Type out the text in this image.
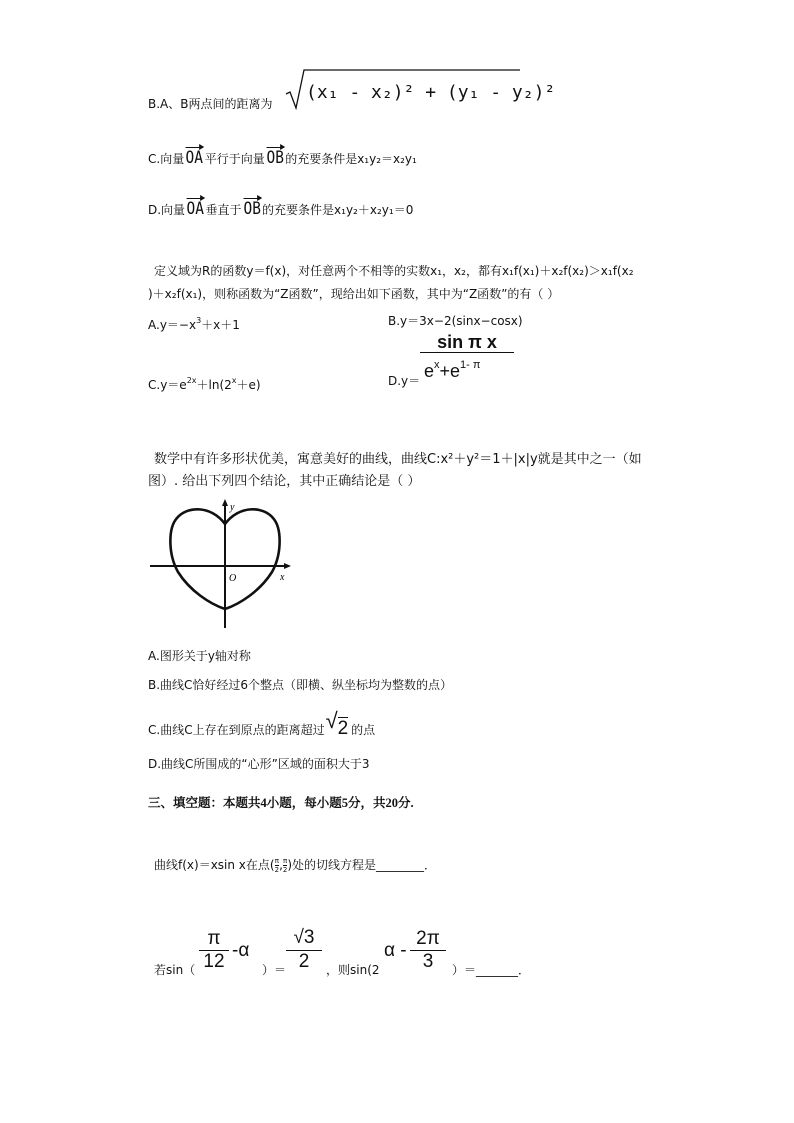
B.A、B两点间的距离为
(x₁ - x₂)² + (y₁ - y₂)²
C.向量OA 平行于向量OB 的充要条件是x₁y₂＝x₂y₁
D.向量OA 垂直于OB 的充要条件是x₁y₂＋x₂y₁＝0
定义域为R的函数y＝f(x)，对任意两个不相等的实数x₁，x₂，都有x₁f(x₁)＋x₂f(x₂)＞x₁f(x₂
)＋x₂f(x₁)，则称函数为“Z函数”，现给出如下函数，其中为“Z函数”的有（ ）
$A.y=-x^3+x+1$	B.y＝3x−2(sinx−cosx)
$C.y=e^{2x}+\ln(2^x+e)$	$D.y= \frac{\text{sin π x}}{e^x+e^{1- \pi}}$
数学中有许多形状优美，寓意美好的曲线，曲线C:x²＋y²＝1＋|x|y就是其中之一（如
图）. 给出下列四个结论，其中正确结论是（ ）
y
x
O
A.图形关于y轴对称
B.曲线C恰好经过6个整点（即横、纵坐标均为整数的点）
C.曲线C上存在到原点的距离超过 √ 2 的点
D.曲线C所围成的“心形”区域的面积大于3
三、填空题：本题共4小题，每小题5分，共20分.
曲线f(x)＝xsin x在点( $\frac{\pi}{2}$ , $\frac{\pi}{2}$ )处的切线方程是________．
若$\sin( \frac{\pi}{12} -\alpha$
）＝ $\frac{√3}{2}$ ，则sin(2
α - $\frac{2\pi}{3}$ ）＝_______．
